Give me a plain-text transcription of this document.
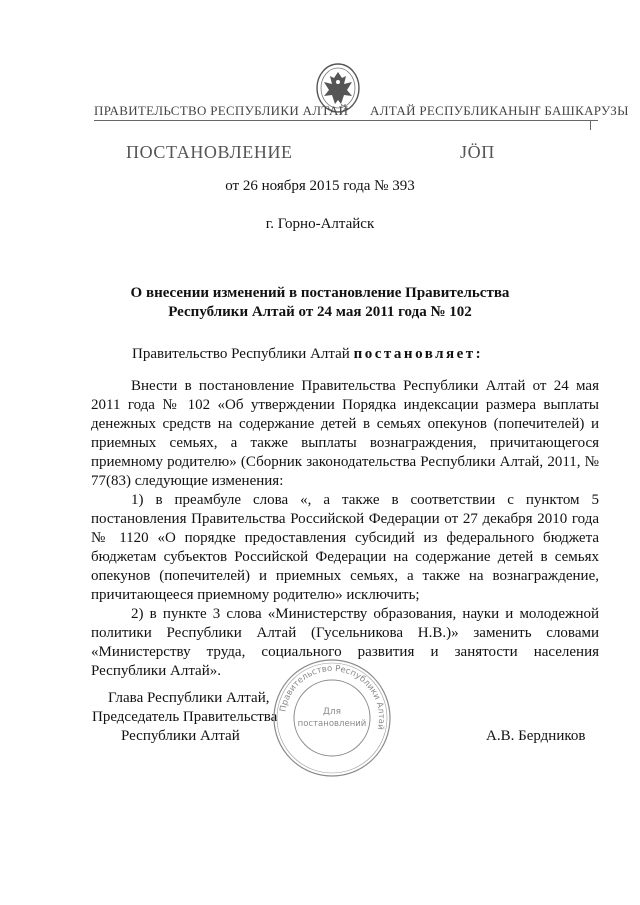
ПРАВИТЕЛЬСТВО РЕСПУБЛИКИ АЛТАЙ АЛТАЙ РЕСПУБЛИКАНЫҤ БАШКАРУЗЫ
ПОСТАНОВЛЕНИЕ	JÖП
от 26 ноября 2015 года № 393
г. Горно-Алтайск
О внесении изменений в постановление Правительства
Республики Алтай от 24 мая 2011 года № 102
Правительство Республики Алтай постановляет:

Внести в постановление Правительства Республики Алтай от 24 мая 2011 года № 102 «Об утверждении Порядка индексации размера выплаты денежных средств на содержание детей в семьях опекунов (попечителей) и приемных семьях, а также выплаты вознаграждения, причитающегося приемному родителю» (Сборник законодательства Республики Алтай, 2011, № 77(83) следующие изменения:

1) в преамбуле слова «, а также в соответствии с пунктом 5 постановления Правительства Российской Федерации от 27 декабря 2010 года № 1120 «О порядке предоставления субсидий из федерального бюджета бюджетам субъектов Российской Федерации на содержание детей в семьях опекунов (попечителей) и приемных семьях, а также на вознаграждение, причитающееся приемному родителю» исключить;

2) в пункте 3 слова «Министерству образования, науки и молодежной политики Республики Алтай (Гусельникова Н.В.)» заменить словами «Министерству труда, социального развития и занятости населения Республики Алтай».

Глава Республики Алтай,
Председатель Правительства
Республики Алтай	А.В. Бердников
Правительство Республики Алтай
Для
постановлений
